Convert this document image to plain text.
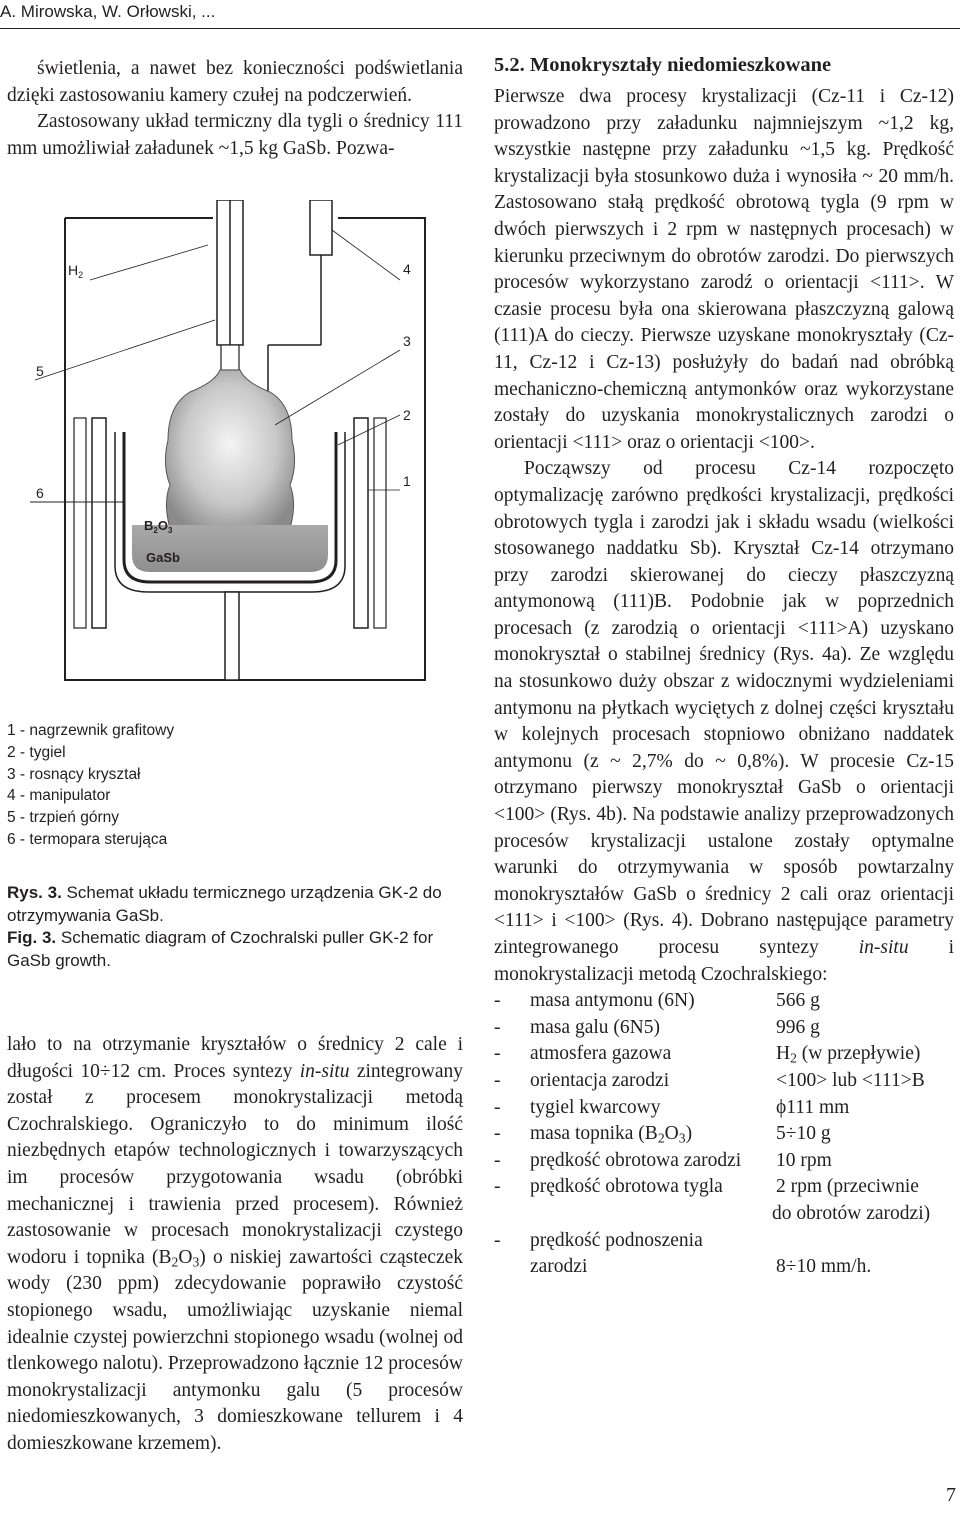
A. Mirowska, W. Orłowski, ...

świetlenia, a nawet bez konieczności podświetlania dzięki zastosowaniu kamery czułej na podczerwień.

Zastosowany układ termiczny dla tygli o średnicy 111 mm umożliwiał załadunek ~1,5 kg GaSb. Pozwa-

$H_2$	4
3
2
1
5
6
$B_2O_3$
GaSb
1 - nagrzewnik grafitowy
2 - tygiel
3 - rosnący kryształ
4 - manipulator
5 - trzpień górny
6 - termopara sterująca

Rys. 3. Schemat układu termicznego urządzenia GK-2 do otrzymywania GaSb.

Fig. 3. Schematic diagram of Czochralski puller GK-2 for GaSb growth.

lało to na otrzymanie kryształów o średnicy 2 cale i długości 10÷12 cm. Proces syntezy in-situ zintegrowany został z procesem monokrystalizacji metodą Czochralskiego. Ograniczyło to do minimum ilość niezbędnych etapów technologicznych i towarzyszących im procesów przygotowania wsadu (obróbki mechanicznej i trawienia przed procesem). Również zastosowanie w procesach monokrystalizacji czystego wodoru i topnika $(B_2O_3)$ o niskiej zawartości cząsteczek wody (230 ppm) zdecydowanie poprawiło czystość stopionego wsadu, umożliwiając uzyskanie niemal idealnie czystej powierzchni stopionego wsadu (wolnej od tlenkowego nalotu). Przeprowadzono łącznie 12 procesów monokrystalizacji antymonku galu (5 procesów niedomieszkowanych, 3 domieszkowane tellurem i 4 domieszkowane krzemem).

5.2. Monokryształy niedomieszkowane

Pierwsze dwa procesy krystalizacji (Cz-11 i Cz-12) prowadzono przy załadunku najmniejszym ~1,2 kg, wszystkie następne przy załadunku ~1,5 kg. Prędkość krystalizacji była stosunkowo duża i wynosiła ~ 20 mm/h. Zastosowano stałą prędkość obrotową tygla (9 rpm w dwóch pierwszych i 2 rpm w następnych procesach) w kierunku przeciwnym do obrotów zarodzi. Do pierwszych procesów wykorzystano zarodź o orientacji <111>. W czasie procesu była ona skierowana płaszczyzną galową (111)A do cieczy. Pierwsze uzyskane monokryształy (Cz-11, Cz-12 i Cz-13) posłużyły do badań nad obróbką mechaniczno-chemiczną antymonków oraz wykorzystane zostały do uzyskania monokrystalicznych zarodzi o orientacji <111> oraz o orientacji <100>.

Począwszy od procesu Cz-14 rozpoczęto optymalizację zarówno prędkości krystalizacji, prędkości obrotowych tygla i zarodzi jak i składu wsadu (wielkości stosowanego naddatku Sb). Kryształ Cz-14 otrzymano przy zarodzi skierowanej do cieczy płaszczyzną antymonową (111)B. Podobnie jak w poprzednich procesach (z zarodzią o orientacji <111>A) uzyskano monokryształ o stabilnej średnicy (Rys. 4a). Ze względu na stosunkowo duży obszar z widocznymi wydzieleniami antymonu na płytkach wyciętych z dolnej części kryształu w kolejnych procesach stopniowo obniżano naddatek antymonu (z ~ 2,7% do ~ 0,8%). W procesie Cz-15 otrzymano pierwszy monokryształ GaSb o orientacji <100> (Rys. 4b). Na podstawie analizy przeprowadzonych procesów krystalizacji ustalone zostały optymalne warunki do otrzymywania w sposób powtarzalny monokryształów GaSb o średnicy 2 cali oraz orientacji <111> i <100> (Rys. 4). Dobrano następujące parametry zintegrowanego procesu syntezy in-situ i monokrystalizacji metodą Czochralskiego:

- masa antymonu (6N)	566 g
- masa galu (6N5)	996 g
- atmosfera gazowa	$H_2$ (w przepływie)
- orientacja zarodzi	<100> lub <111>B
- tygiel kwarcowy	ϕ111 mm
- masa topnika $(B_2O_3)$	5÷10 g
- prędkość obrotowa zarodzi 10 rpm
- prędkość obrotowa tygla	2 rpm (przeciwnie
do obrotów zarodzi)
- prędkość podnoszenia
zarodzi	8÷10 mm/h.
7
